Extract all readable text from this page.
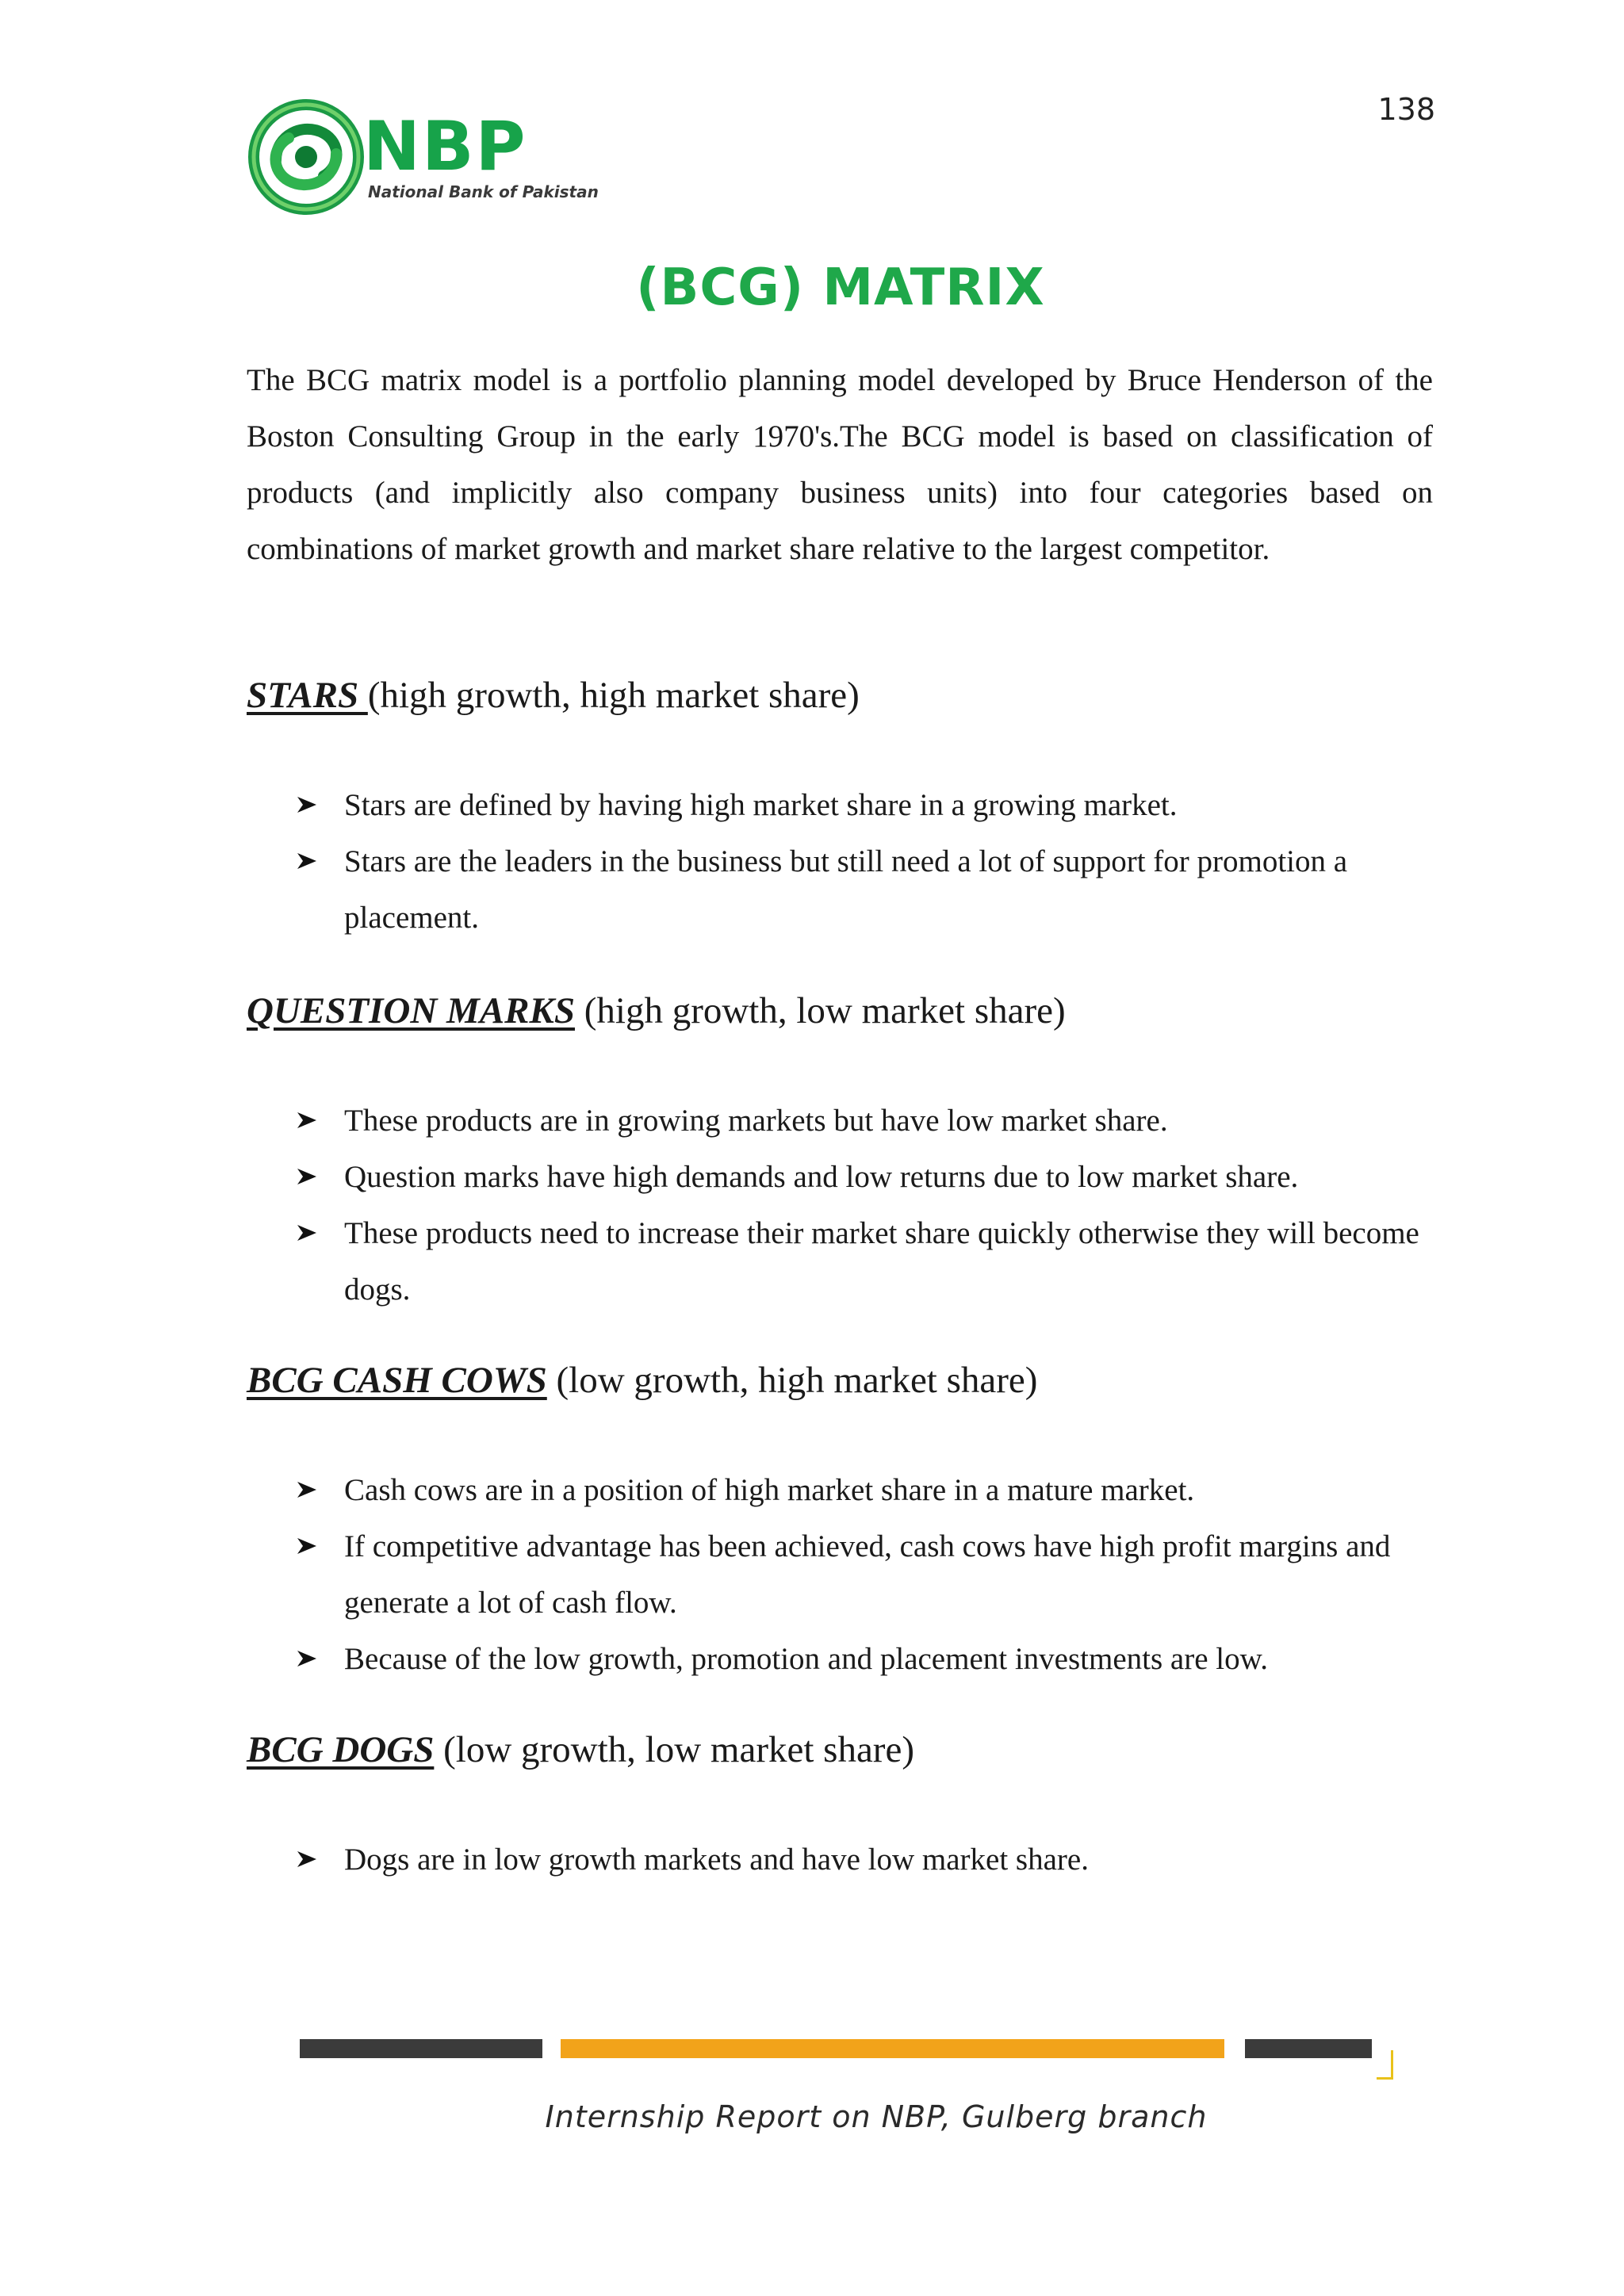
138
NBP
National Bank of Pakistan
(BCG) MATRIX
The BCG matrix model is a portfolio planning model developed by Bruce Henderson of the Boston Consulting Group in the early 1970's.The BCG model is based on classification of products (and implicitly also company business units) into four categories based on combinations of market growth and market share relative to the largest competitor.
STARS (high growth, high market share)
Stars are defined by having high market share in a growing market.
Stars are the leaders in the business but still need a lot of support for promotion a placement.
QUESTION MARKS (high growth, low market share)
These products are in growing markets but have low market share.
Question marks have high demands and low returns due to low market share.
These products need to increase their market share quickly otherwise they will become dogs.
BCG CASH COWS (low growth, high market share)
Cash cows are in a position of high market share in a mature market.
If competitive advantage has been achieved, cash cows have high profit margins and generate a lot of cash flow.
Because of the low growth, promotion and placement investments are low.
BCG DOGS (low growth, low market share)
Dogs are in low growth markets and have low market share.
Internship Report on NBP, Gulberg branch
